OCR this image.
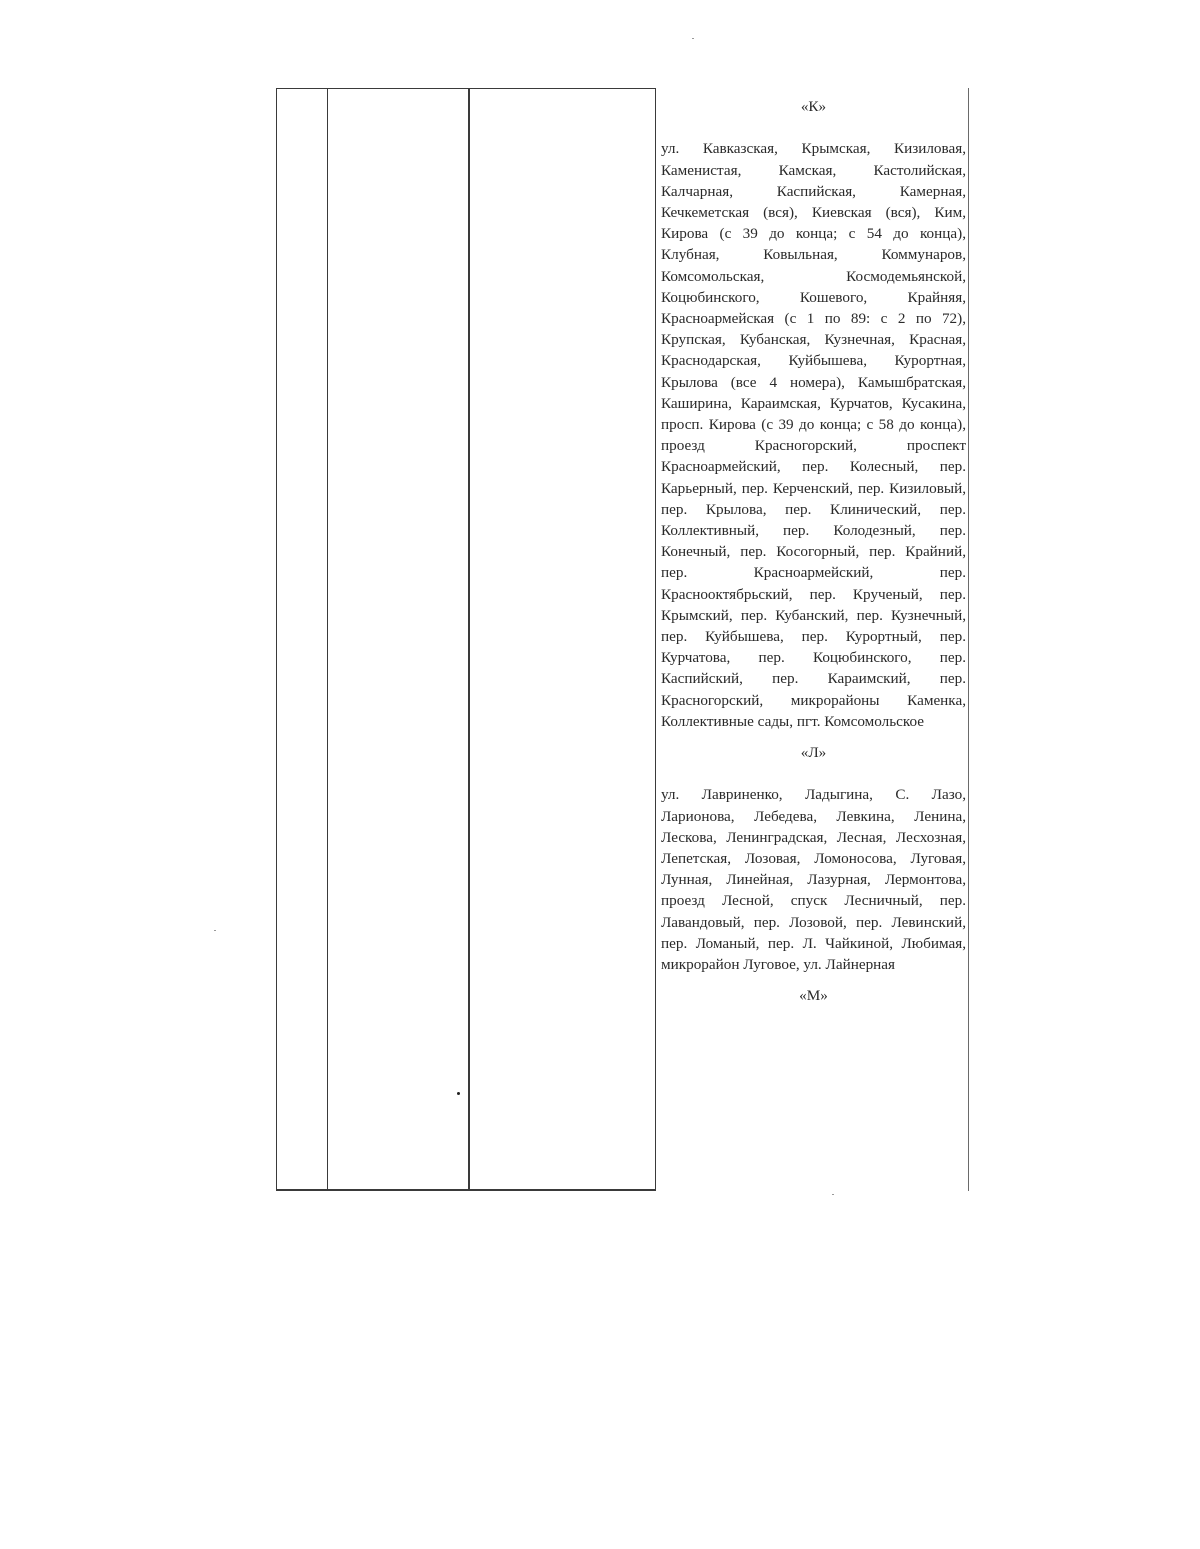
«К»
ул. Кавказская, Крымская, Кизиловая, Каменистая, Камская, Кастолийская, Калчарная, Каспийская, Камерная, Кечкеметская (вся), Киевская (вся), Ким, Кирова (с 39 до конца; с 54 до конца), Клубная, Ковыльная, Коммунаров, Комсомольская, Космодемьянской, Коцюбинского, Кошевого, Крайняя, Красноармейская (с 1 по 89: с 2 по 72), Крупская, Кубанская, Кузнечная, Красная, Краснодарская, Куйбышева, Курортная, Крылова (все 4 номера), Камышбратская, Каширина, Караимская, Курчатов, Кусакина, просп. Кирова (с 39 до конца; с 58 до конца), проезд Красногорский, проспект Красноармейский, пер. Колесный, пер. Карьерный, пер. Керченский, пер. Кизиловый, пер. Крылова, пер. Клинический, пер. Коллективный, пер. Колодезный, пер. Конечный, пер. Косогорный, пер. Крайний, пер. Красноармейский, пер. Краснооктябрьский, пер. Крученый, пер. Крымский, пер. Кубанский, пер. Кузнечный, пер. Куйбышева, пер. Курортный, пер. Курчатова, пер. Коцюбинского, пер. Каспийский, пер. Караимский, пер. Красногорский, микрорайоны Каменка, Коллективные сады, пгт. Комсомольское
«Л»
ул. Лавриненко, Ладыгина, С. Лазо, Ларионова, Лебедева, Левкина, Ленина, Лескова, Ленинградская, Лесная, Лесхозная, Лепетская, Лозовая, Ломоносова, Луговая, Лунная, Линейная, Лазурная, Лермонтова, проезд Лесной, спуск Лесничный, пер. Лавандовый, пер. Лозовой, пер. Левинский, пер. Ломаный, пер. Л. Чайкиной, Любимая, микрорайон Луговое, ул. Лайнерная
«М»
